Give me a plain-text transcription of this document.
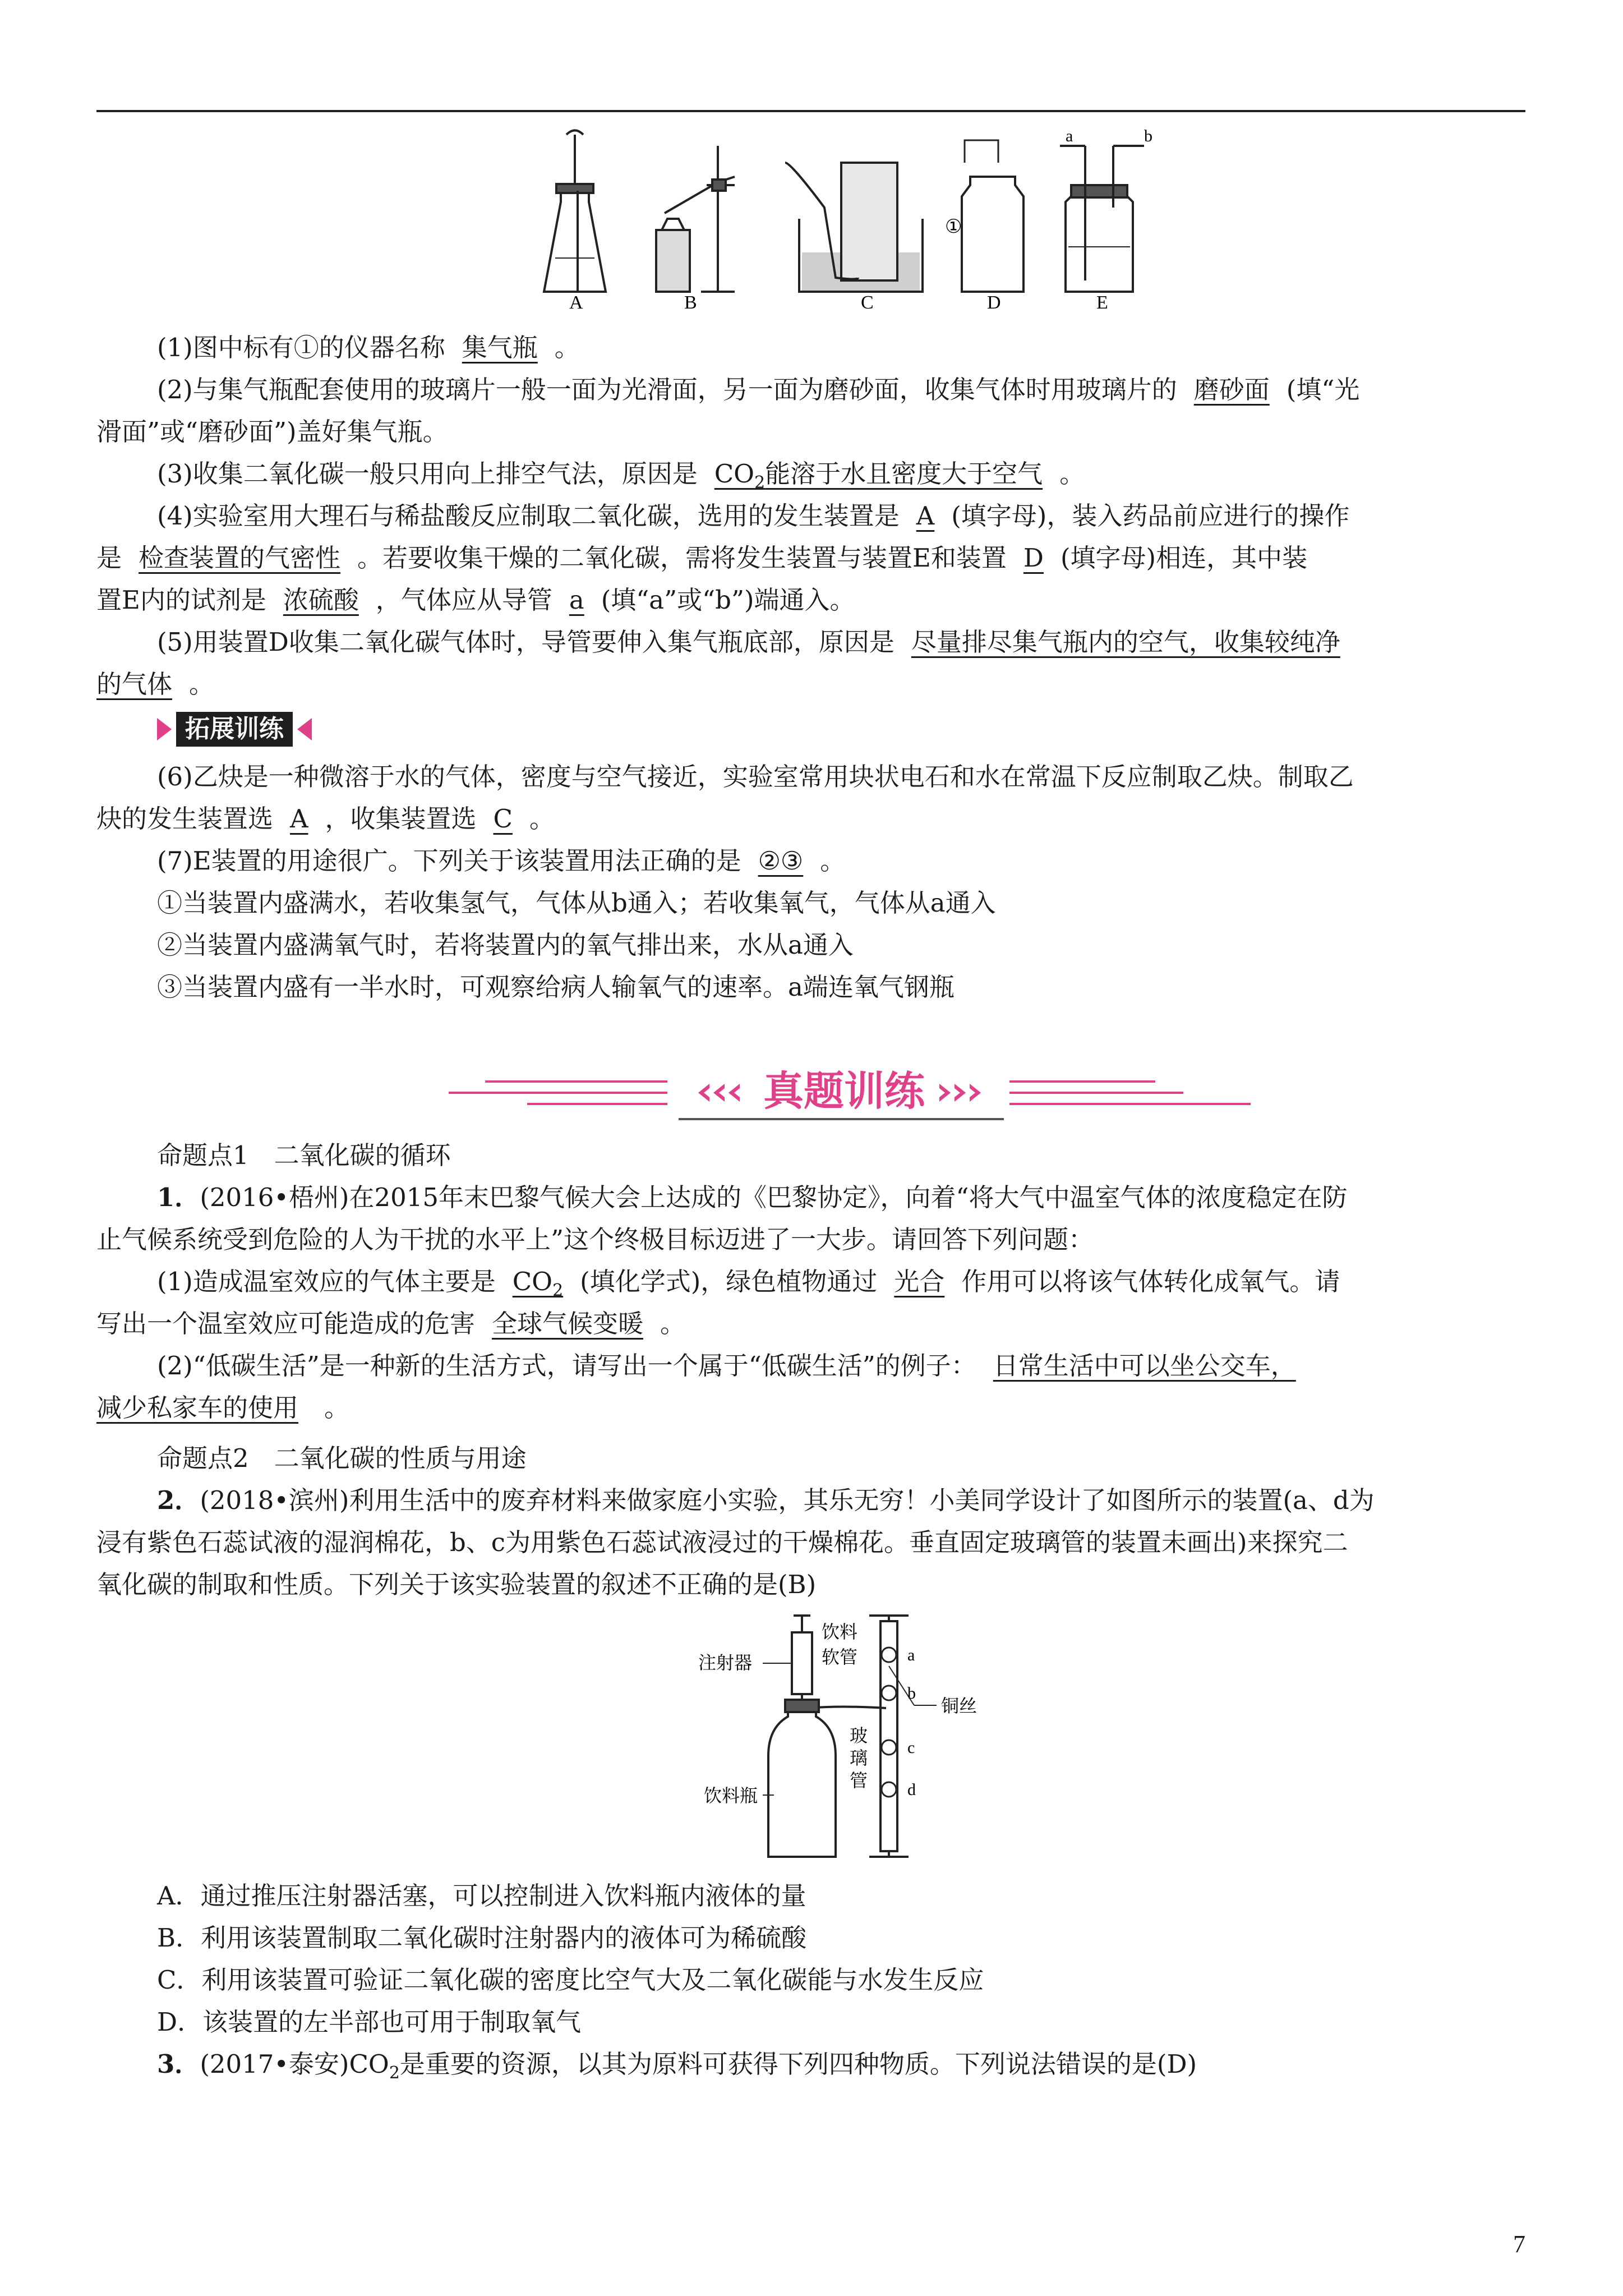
A	B	C	D	E
①
a	b
(1)图中标有①的仪器名称 集气瓶 。
(2)与集气瓶配套使用的玻璃片一般一面为光滑面，另一面为磨砂面，收集气体时用玻璃片的 磨砂面 (填“光
滑面”或“磨砂面”)盖好集气瓶。
(3)收集二氧化碳一般只用向上排空气法，原因是 $CO_2$能溶于水且密度大于空气 。
(4)实验室用大理石与稀盐酸反应制取二氧化碳，选用的发生装置是 A (填字母)，装入药品前应进行的操作
是 检查装置的气密性 。若要收集干燥的二氧化碳，需将发生装置与装置E和装置 D (填字母)相连，其中装
置E内的试剂是 浓硫酸 ，气体应从导管 a (填“a”或“b”)端通入。
(5)用装置D收集二氧化碳气体时，导管要伸入集气瓶底部，原因是 尽量排尽集气瓶内的空气，收集较纯净
的气体 。
拓展训练
(6)乙炔是一种微溶于水的气体，密度与空气接近，实验室常用块状电石和水在常温下反应制取乙炔。制取乙
炔的发生装置选 A ，收集装置选 C 。
(7)E装置的用途很广。下列关于该装置用法正确的是 ②③ 。
①当装置内盛满水，若收集氢气，气体从b通入；若收集氧气，气体从a通入
②当装置内盛满氧气时，若将装置内的氧气排出来，水从a通入
③当装置内盛有一半水时，可观察给病人输氧气的速率。a端连氧气钢瓶
真题训练
命题点1　二氧化碳的循环
1．(2016•梧州)在2015年末巴黎气候大会上达成的《巴黎协定》，向着“将大气中温室气体的浓度稳定在防
止气候系统受到危险的人为干扰的水平上”这个终极目标迈进了一大步。请回答下列问题：
(1)造成温室效应的气体主要是 $CO_2$ (填化学式)，绿色植物通过 光合 作用可以将该气体转化成氧气。请
写出一个温室效应可能造成的危害 全球气候变暖 。
(2)“低碳生活”是一种新的生活方式，请写出一个属于“低碳生活”的例子： 日常生活中可以坐公交车，
减少私家车的使用 。
命题点2　二氧化碳的性质与用途
2．(2018•滨州)利用生活中的废弃材料来做家庭小实验，其乐无穷！小美同学设计了如图所示的装置(a、d为
浸有紫色石蕊试液的湿润棉花，b、c为用紫色石蕊试液浸过的干燥棉花。垂直固定玻璃管的装置未画出)来探究二
氧化碳的制取和性质。下列关于该实验装置的叙述不正确的是(B)
注射器
饮料
软管
铜丝
玻
璃
管
饮料瓶
a
b
c
d
A．通过推压注射器活塞，可以控制进入饮料瓶内液体的量
B．利用该装置制取二氧化碳时注射器内的液体可为稀硫酸
C．利用该装置可验证二氧化碳的密度比空气大及二氧化碳能与水发生反应
D．该装置的左半部也可用于制取氧气
3．(2017•泰安)$CO_2$是重要的资源，以其为原料可获得下列四种物质。下列说法错误的是(D)
7
